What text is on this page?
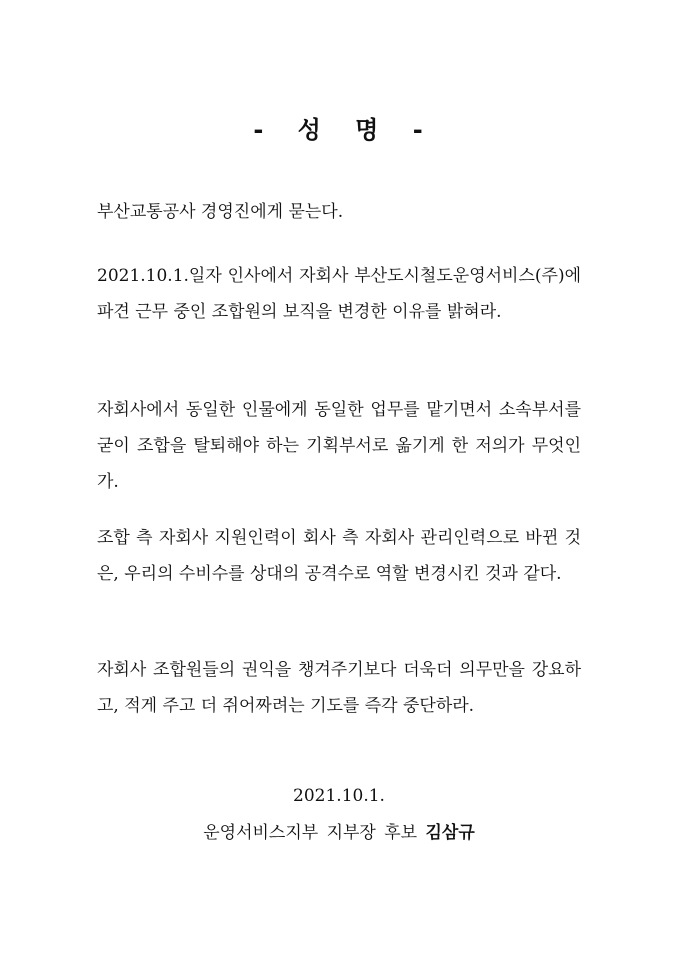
- 성 명 -

부산교통공사 경영진에게 묻는다.

2021.10.1.일자 인사에서 자회사 부산도시철도운영서비스(주)에 파견 근무 중인 조합원의 보직을 변경한 이유를 밝혀라.

자회사에서 동일한 인물에게 동일한 업무를 맡기면서 소속부서를 굳이 조합을 탈퇴해야 하는 기획부서로 옮기게 한 저의가 무엇인가.

조합 측 자회사 지원인력이 회사 측 자회사 관리인력으로 바뀐 것은, 우리의 수비수를 상대의 공격수로 역할 변경시킨 것과 같다.

자회사 조합원들의 권익을 챙겨주기보다 더욱더 의무만을 강요하고, 적게 주고 더 쥐어짜려는 기도를 즉각 중단하라.

2021.10.1.
운영서비스지부 지부장 후보 김삼규
